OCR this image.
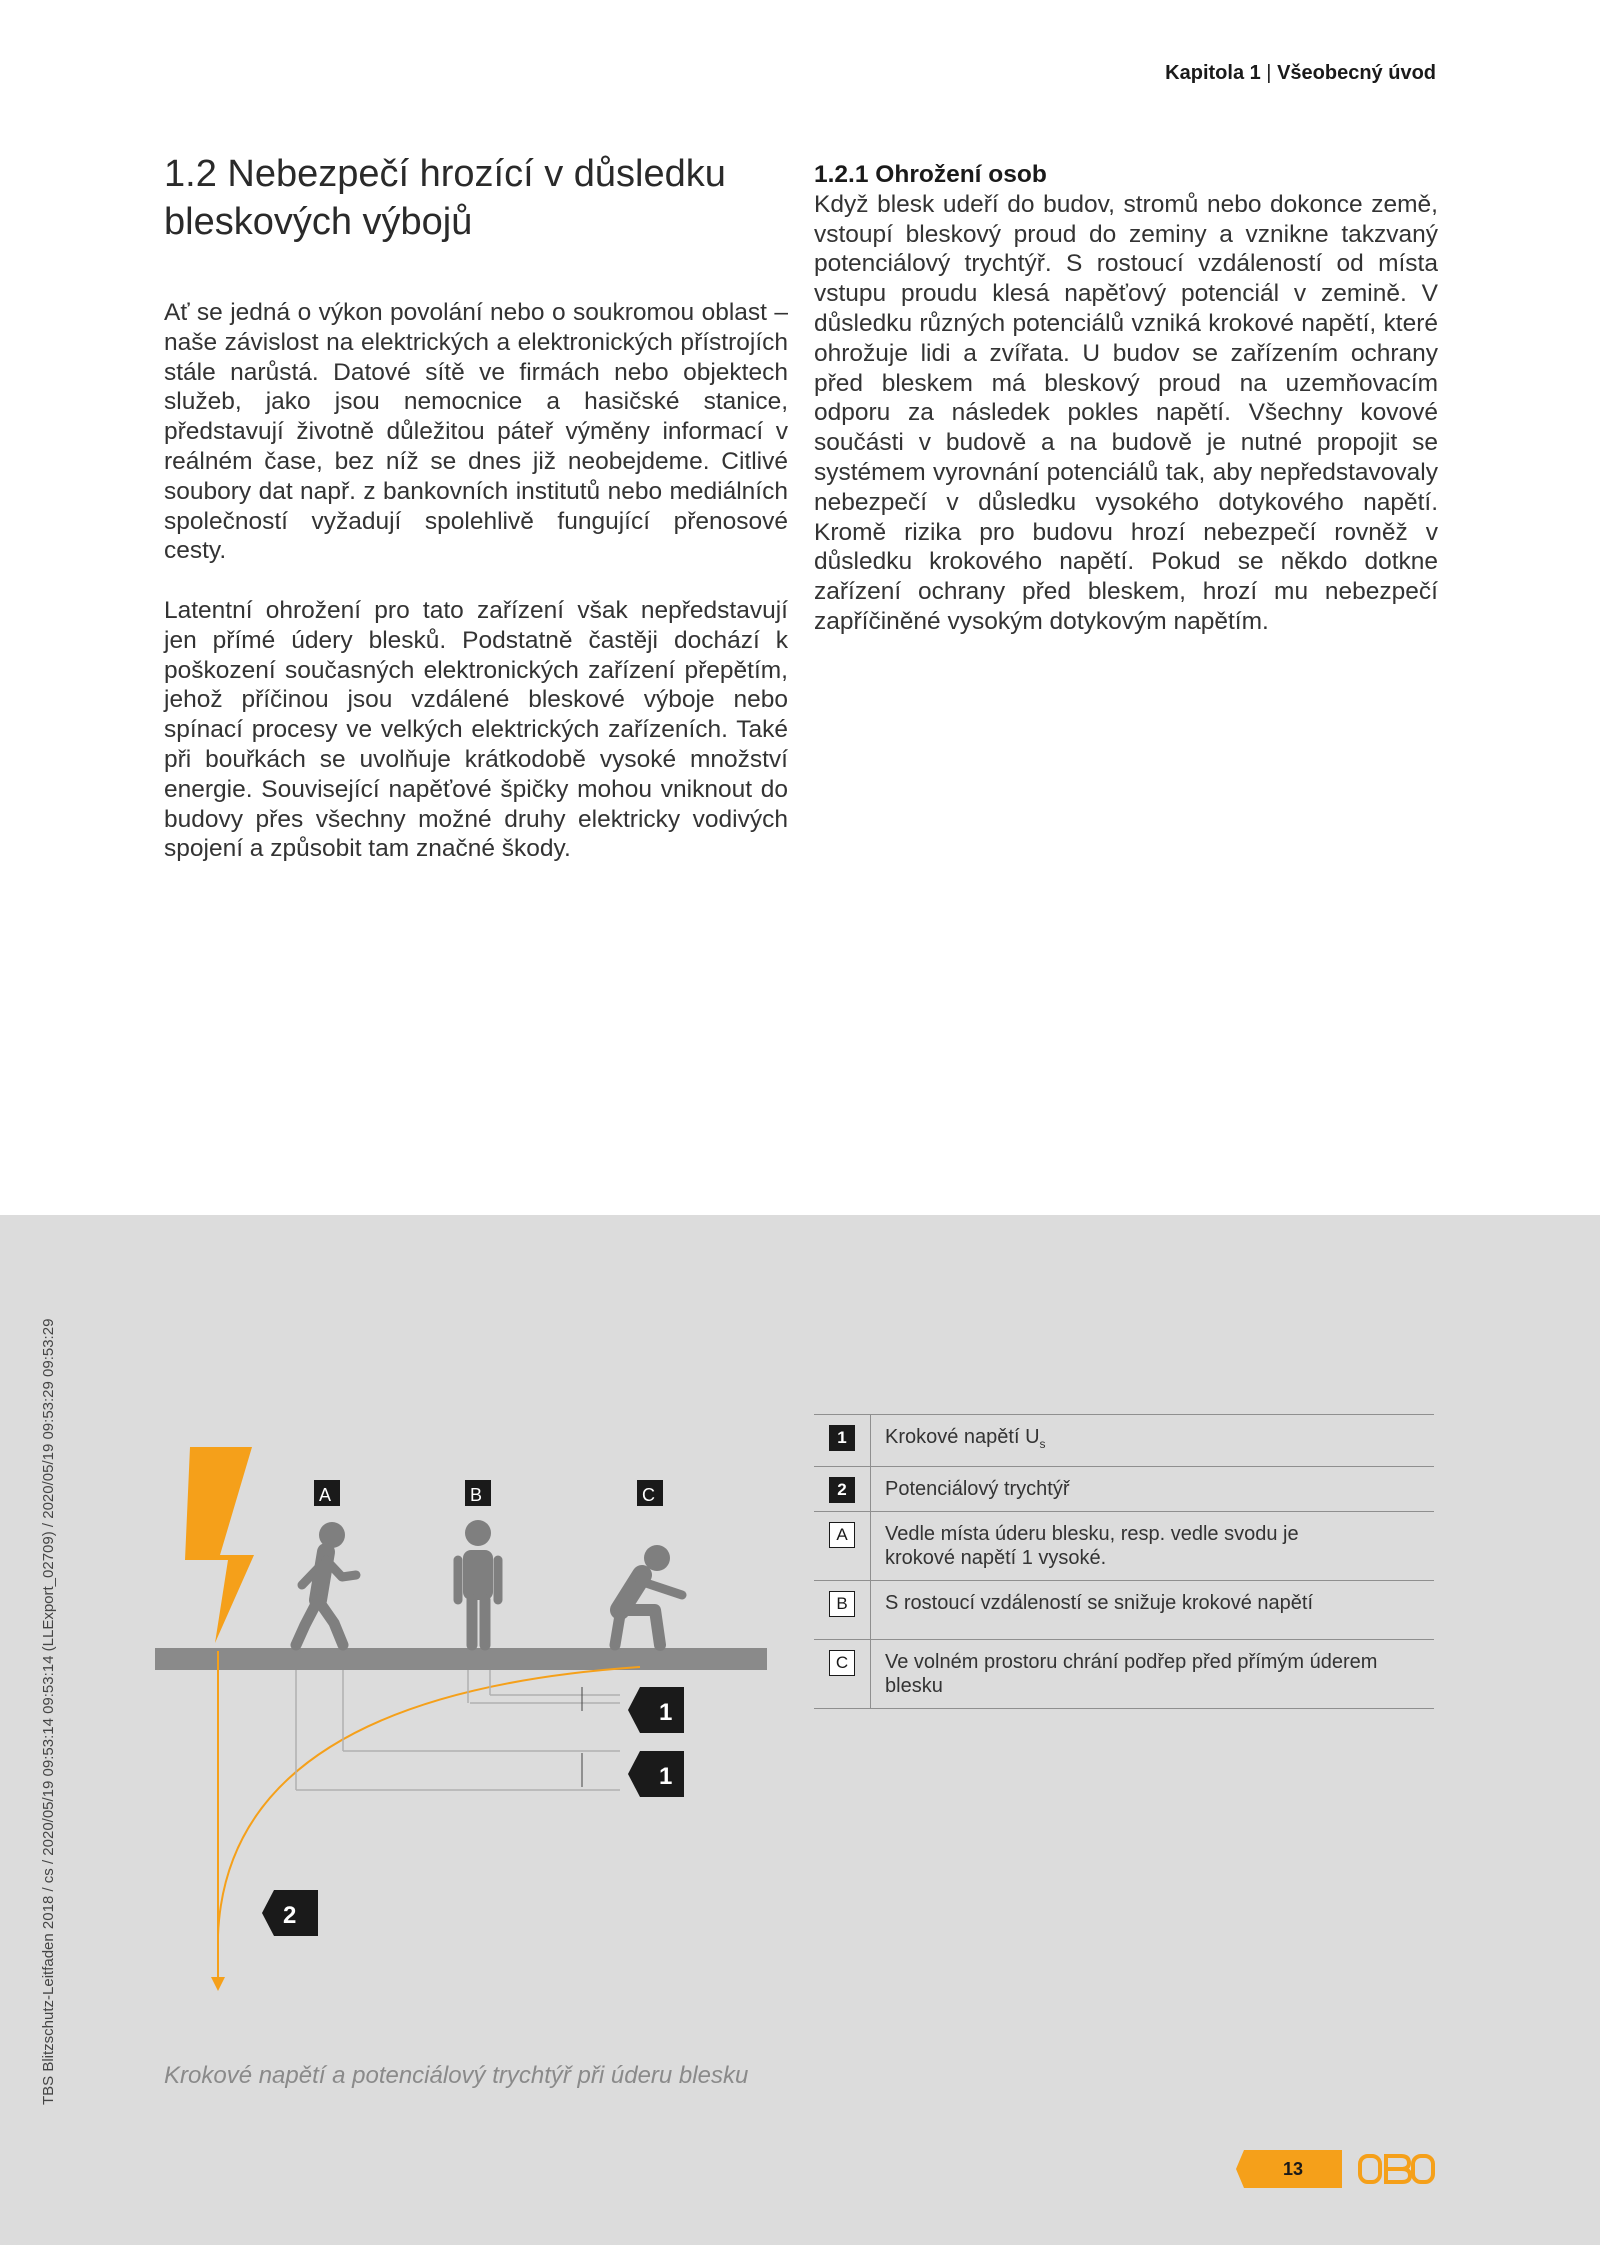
Kapitola 1 | Všeobecný úvod
1.2 Nebezpečí hrozící v důsledku
bleskových výbojů

Ať se jedná o výkon povolání nebo o soukromou oblast – naše závislost na elektrických a elektronických přístrojích stále narůstá. Datové sítě ve firmách nebo objektech služeb, jako jsou nemocnice a hasičské stanice, představují životně důležitou páteř výměny informací v reálném čase, bez níž se dnes již neobejdeme. Citlivé soubory dat např. z bankovních institutů nebo mediálních společností vyžadují spolehlivě fungující přenosové cesty.

Latentní ohrožení pro tato zařízení však nepředstavují jen přímé údery blesků. Podstatně častěji dochází k poškození současných elektronických zařízení přepětím, jehož příčinou jsou vzdálené bleskové výboje nebo spínací procesy ve velkých elektrických zařízeních. Také při bouřkách se uvolňuje krátkodobě vysoké množství energie. Související napěťové špičky mohou vniknout do budovy přes všechny možné druhy elektricky vodivých spojení a způsobit tam značné škody.

1.2.1 Ohrožení osob

Když blesk udeří do budov, stromů nebo dokonce země, vstoupí bleskový proud do zeminy a vznikne takzvaný potenciálový trychtýř. S rostoucí vzdáleností od místa vstupu proudu klesá napěťový potenciál v zemině. V důsledku různých potenciálů vzniká krokové napětí, které ohrožuje lidi a zvířata. U budov se zařízením ochrany před bleskem má bleskový proud na uzemňovacím odporu za následek pokles napětí. Všechny kovové součásti v budově a na budově je nutné propojit se systémem vyrovnání potenciálů tak, aby nepředstavovaly nebezpečí v důsledku vysokého dotykového napětí. Kromě rizika pro budovu hrozí nebezpečí rovněž v důsledku krokového napětí. Pokud se někdo dotkne zařízení ochrany před bleskem, hrozí mu nebezpečí zapříčiněné vysokým dotykovým napětím.

TBS Blitzschutz-Leitfaden 2018 / cs / 2020/05/19 09:53:14 09:53:14 (LLExport_02709) / 2020/05/19 09:53:29 09:53:29	1
1
2
A	B	C
Krokové napětí a potenciálový trychtýř při úderu blesku
1	Krokové napětí $U_s$
2	Potenciálový trychtýř
A	Vedle místa úderu blesku, resp. vedle svodu je krokové napětí 1 vysoké.
B	S rostoucí vzdáleností se snižuje krokové napětí
C	Ve volném prostoru chrání podřep před přímým úderem blesku
13
OBO
